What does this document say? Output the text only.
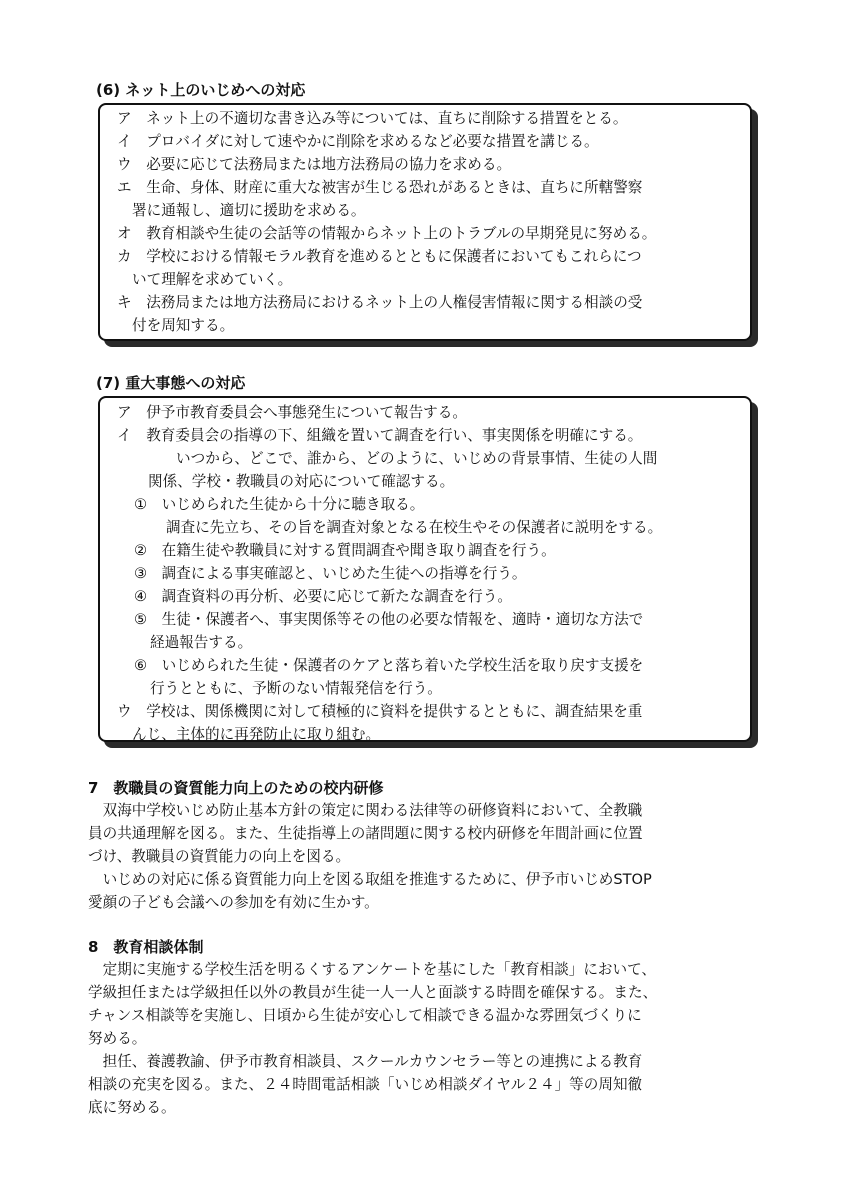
(6) ネット上のいじめへの対応
ア　ネット上の不適切な書き込み等については、直ちに削除する措置をとる。
イ　プロバイダに対して速やかに削除を求めるなど必要な措置を講じる。
ウ　必要に応じて法務局または地方法務局の協力を求める。
エ　生命、身体、財産に重大な被害が生じる恐れがあるときは、直ちに所轄警察
署に通報し、適切に援助を求める。
オ　教育相談や生徒の会話等の情報からネット上のトラブルの早期発見に努める。
カ　学校における情報モラル教育を進めるとともに保護者においてもこれらにつ
いて理解を求めていく。
キ　法務局または地方法務局におけるネット上の人権侵害情報に関する相談の受
付を周知する。
(7) 重大事態への対応
ア　伊予市教育委員会へ事態発生について報告する。
イ　教育委員会の指導の下、組織を置いて調査を行い、事実関係を明確にする。
いつから、どこで、誰から、どのように、いじめの背景事情、生徒の人間
関係、学校・教職員の対応について確認する。
①　いじめられた生徒から十分に聴き取る。
調査に先立ち、その旨を調査対象となる在校生やその保護者に説明をする。
②　在籍生徒や教職員に対する質問調査や聞き取り調査を行う。
③　調査による事実確認と、いじめた生徒への指導を行う。
④　調査資料の再分析、必要に応じて新たな調査を行う。
⑤　生徒・保護者へ、事実関係等その他の必要な情報を、適時・適切な方法で
経過報告する。
⑥　いじめられた生徒・保護者のケアと落ち着いた学校生活を取り戻す支援を
行うとともに、予断のない情報発信を行う。
ウ　学校は、関係機関に対して積極的に資料を提供するとともに、調査結果を重
んじ、主体的に再発防止に取り組む。
7　教職員の資質能力向上のための校内研修
　双海中学校いじめ防止基本方針の策定に関わる法律等の研修資料において、全教職
員の共通理解を図る。また、生徒指導上の諸問題に関する校内研修を年間計画に位置
づけ、教職員の資質能力の向上を図る。
　いじめの対応に係る資質能力向上を図る取組を推進するために、伊予市いじめSTOP
愛顔の子ども会議への参加を有効に生かす。
8　教育相談体制
　定期に実施する学校生活を明るくするアンケートを基にした「教育相談」において、
学級担任または学級担任以外の教員が生徒一人一人と面談する時間を確保する。また、
チャンス相談等を実施し、日頃から生徒が安心して相談できる温かな雰囲気づくりに
努める。
　担任、養護教諭、伊予市教育相談員、スクールカウンセラー等との連携による教育
相談の充実を図る。また、２４時間電話相談「いじめ相談ダイヤル２４」等の周知徹
底に努める。
